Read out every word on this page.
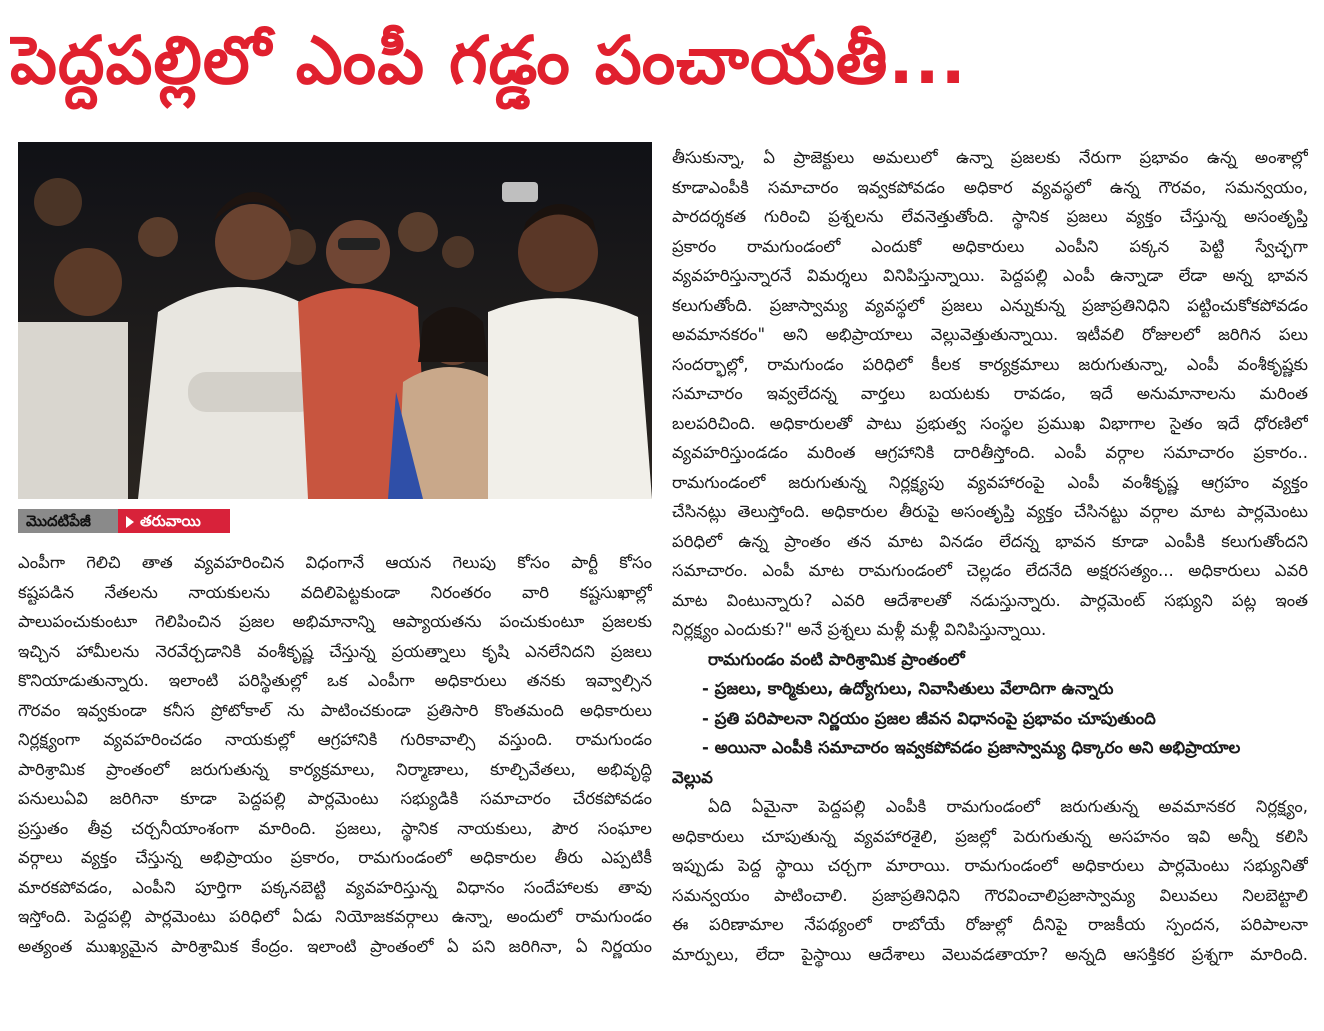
పెద్దపల్లిలో ఎంపీ గడ్డం పంచాయతీ...
మొదటిపేజీ	తరువాయి
ఎంపీగా గెలిచి తాత వ్యవహరించిన విధంగానే ఆయన గెలుపు కోసం పార్టీ కోసం
కష్టపడిన నేతలను నాయకులను వదిలిపెట్టకుండా నిరంతరం వారి కష్టసుఖాల్లో
పాలుపంచుకుంటూ గెలిపించిన ప్రజల అభిమానాన్ని ఆప్యాయతను పంచుకుంటూ ప్రజలకు
ఇచ్చిన హామీలను నెరవేర్చడానికి వంశీకృష్ణ చేస్తున్న ప్రయత్నాలు కృషి ఎనలేనిదని ప్రజలు
కొనియాడుతున్నారు. ఇలాంటి పరిస్థితుల్లో ఒక ఎంపీగా అధికారులు తనకు ఇవ్వాల్సిన
గౌరవం ఇవ్వకుండా కనీస ప్రోటోకాల్ ను పాటించకుండా ప్రతిసారి కొంతమంది అధికారులు
నిర్లక్ష్యంగా వ్యవహరించడం నాయకుల్లో ఆగ్రహానికి గురికావాల్సి వస్తుంది. రామగుండం
పారిశ్రామిక ప్రాంతంలో జరుగుతున్న కార్యక్రమాలు, నిర్మాణాలు, కూల్చివేతలు, అభివృద్ధి
పనులుఏవి జరిగినా కూడా పెద్దపల్లి పార్లమెంటు సభ్యుడికి సమాచారం చేరకపోవడం
ప్రస్తుతం తీవ్ర చర్చనీయాంశంగా మారింది. ప్రజలు, స్థానిక నాయకులు, పౌర సంఘాల
వర్గాలు వ్యక్తం చేస్తున్న అభిప్రాయం ప్రకారం, రామగుండంలో అధికారుల తీరు ఎప్పటికీ
మారకపోవడం, ఎంపీని పూర్తిగా పక్కనబెట్టి వ్యవహరిస్తున్న విధానం సందేహాలకు తావు
ఇస్తోంది. పెద్దపల్లి పార్లమెంటు పరిధిలో ఏడు నియోజకవర్గాలు ఉన్నా, అందులో రామగుండం
అత్యంత ముఖ్యమైన పారిశ్రామిక కేంద్రం. ఇలాంటి ప్రాంతంలో ఏ పని జరిగినా, ఏ నిర్ణయం
తీసుకున్నా, ఏ ప్రాజెక్టులు అమలులో ఉన్నా ప్రజలకు నేరుగా ప్రభావం ఉన్న అంశాల్లో
కూడాఎంపీకి సమాచారం ఇవ్వకపోవడం అధికార వ్యవస్థలో ఉన్న గౌరవం, సమన్వయం,
పారదర్శకత గురించి ప్రశ్నలను లేవనెత్తుతోంది. స్థానిక ప్రజలు వ్యక్తం చేస్తున్న అసంతృప్తి
ప్రకారం రామగుండంలో ఎందుకో అధికారులు ఎంపీని పక్కన పెట్టి స్వేచ్ఛగా
వ్యవహరిస్తున్నారనే విమర్శలు వినిపిస్తున్నాయి. పెద్దపల్లి ఎంపీ ఉన్నాడా లేడా అన్న భావన
కలుగుతోంది. ప్రజాస్వామ్య వ్యవస్థలో ప్రజలు ఎన్నుకున్న ప్రజాప్రతినిధిని పట్టించుకోకపోవడం
అవమానకరం" అని అభిప్రాయాలు వెల్లువెత్తుతున్నాయి. ఇటీవలి రోజులలో జరిగిన పలు
సందర్భాల్లో, రామగుండం పరిధిలో కీలక కార్యక్రమాలు జరుగుతున్నా, ఎంపీ వంశీకృష్ణకు
సమాచారం ఇవ్వలేదన్న వార్తలు బయటకు రావడం, ఇదే అనుమానాలను మరింత
బలపరిచింది. అధికారులతో పాటు ప్రభుత్వ సంస్థల ప్రముఖ విభాగాల సైతం ఇదే ధోరణిలో
వ్యవహరిస్తుండడం మరింత ఆగ్రహానికి దారితీస్తోంది. ఎంపీ వర్గాల సమాచారం ప్రకారం..
రామగుండంలో జరుగుతున్న నిర్లక్ష్యపు వ్యవహారంపై ఎంపీ వంశీకృష్ణ ఆగ్రహం వ్యక్తం
చేసినట్లు తెలుస్తోంది. అధికారుల తీరుపై అసంతృప్తి వ్యక్తం చేసినట్టు వర్గాల మాట పార్లమెంటు
పరిధిలో ఉన్న ప్రాంతం తన మాట వినడం లేదన్న భావన కూడా ఎంపీకి కలుగుతోందని
సమాచారం. ఎంపీ మాట రామగుండంలో చెల్లడం లేదనేది అక్షరసత్యం... అధికారులు ఎవరి
మాట వింటున్నారు? ఎవరి ఆదేశాలతో నడుస్తున్నారు. పార్లమెంట్ సభ్యుని పట్ల ఇంత
నిర్లక్ష్యం ఎందుకు?" అనే ప్రశ్నలు మళ్లీ మళ్లీ వినిపిస్తున్నాయి.
రామగుండం వంటి పారిశ్రామిక ప్రాంతంలో
- ప్రజలు, కార్మికులు, ఉద్యోగులు, నివాసితులు వేలాదిగా ఉన్నారు
- ప్రతి పరిపాలనా నిర్ణయం ప్రజల జీవన విధానంపై ప్రభావం చూపుతుంది
- అయినా ఎంపీకి సమాచారం ఇవ్వకపోవడం ప్రజాస్వామ్య ధిక్కారం అని అభిప్రాయాల
వెల్లువ
ఏది ఏమైనా పెద్దపల్లి ఎంపీకి రామగుండంలో జరుగుతున్న అవమానకర నిర్లక్ష్యం,
అధికారులు చూపుతున్న వ్యవహారశైలి, ప్రజల్లో పెరుగుతున్న అసహనం ఇవి అన్నీ కలిసి
ఇప్పుడు పెద్ద స్థాయి చర్చగా మారాయి. రామగుండంలో అధికారులు పార్లమెంటు సభ్యునితో
సమన్వయం పాటించాలి. ప్రజాప్రతినిధిని గౌరవించాలిప్రజాస్వామ్య విలువలు నిలబెట్టాలి
ఈ పరిణామాల నేపథ్యంలో రాబోయే రోజుల్లో దీనిపై రాజకీయ స్పందన, పరిపాలనా
మార్పులు, లేదా పైస్థాయి ఆదేశాలు వెలువడతాయా? అన్నది ఆసక్తికర ప్రశ్నగా మారింది.
